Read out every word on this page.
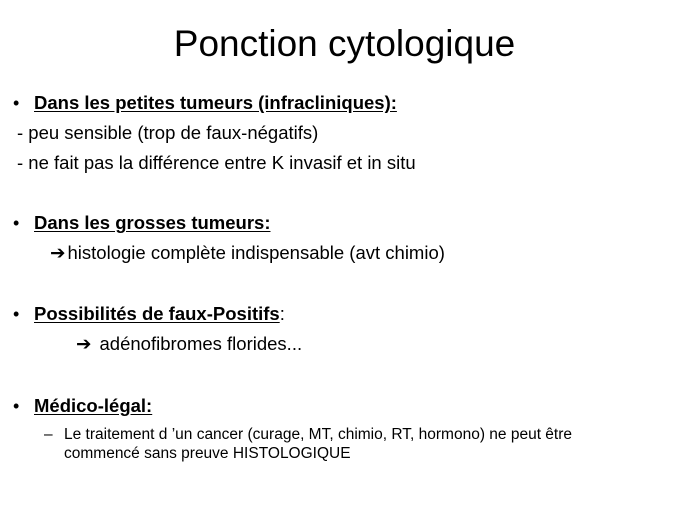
Ponction cytologique
• Dans les petites tumeurs (infracliniques):
- peu sensible (trop de faux-négatifs)
- ne fait pas la différence entre K invasif et in situ
• Dans les grosses tumeurs:
➔ histologie complète indispensable (avt chimio)
• Possibilités de faux-Positifs:
➔ adénofibromes florides...
• Médico-légal:
– Le traitement d ’un cancer (curage, MT, chimio, RT, hormono) ne peut être
commencé sans preuve HISTOLOGIQUE
